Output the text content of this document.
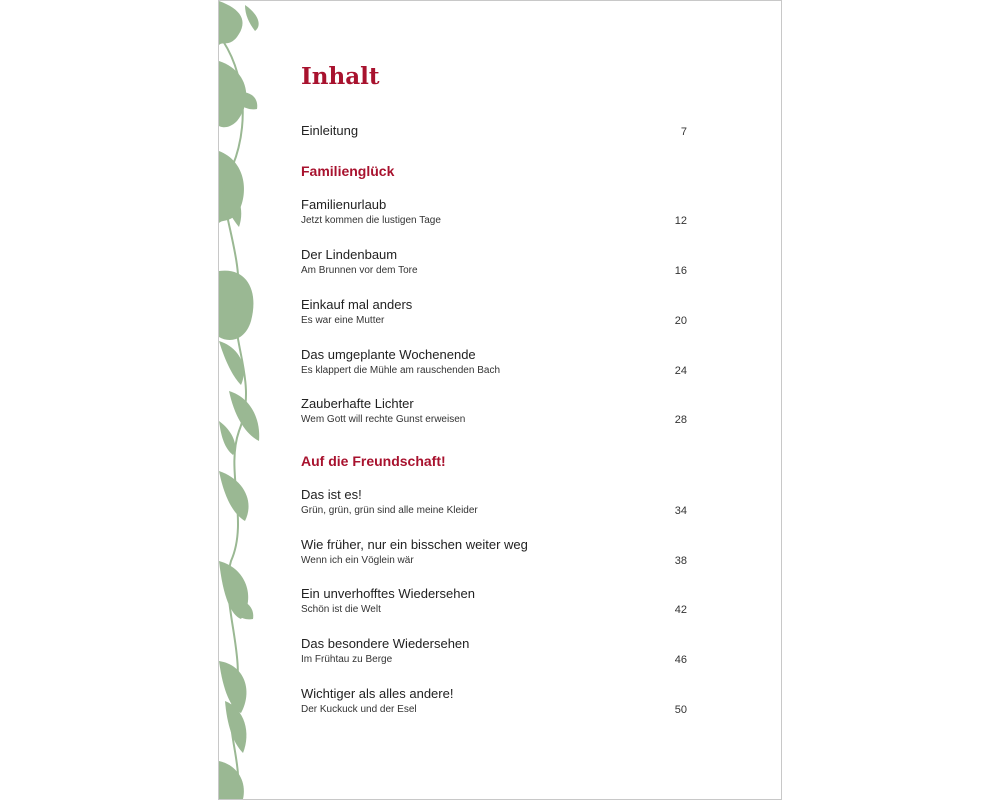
Inhalt
Einleitung	7
Familienglück
Familienurlaub
Jetzt kommen die lustigen Tage	12
Der Lindenbaum
Am Brunnen vor dem Tore	16
Einkauf mal anders
Es war eine Mutter	20
Das umgeplante Wochenende
Es klappert die Mühle am rauschenden Bach	24
Zauberhafte Lichter
Wem Gott will rechte Gunst erweisen	28
Auf die Freundschaft!
Das ist es!
Grün, grün, grün sind alle meine Kleider	34
Wie früher, nur ein bisschen weiter weg
Wenn ich ein Vöglein wär	38
Ein unverhofftes Wiedersehen
Schön ist die Welt	42
Das besondere Wiedersehen
Im Frühtau zu Berge	46
Wichtiger als alles andere!
Der Kuckuck und der Esel	50
